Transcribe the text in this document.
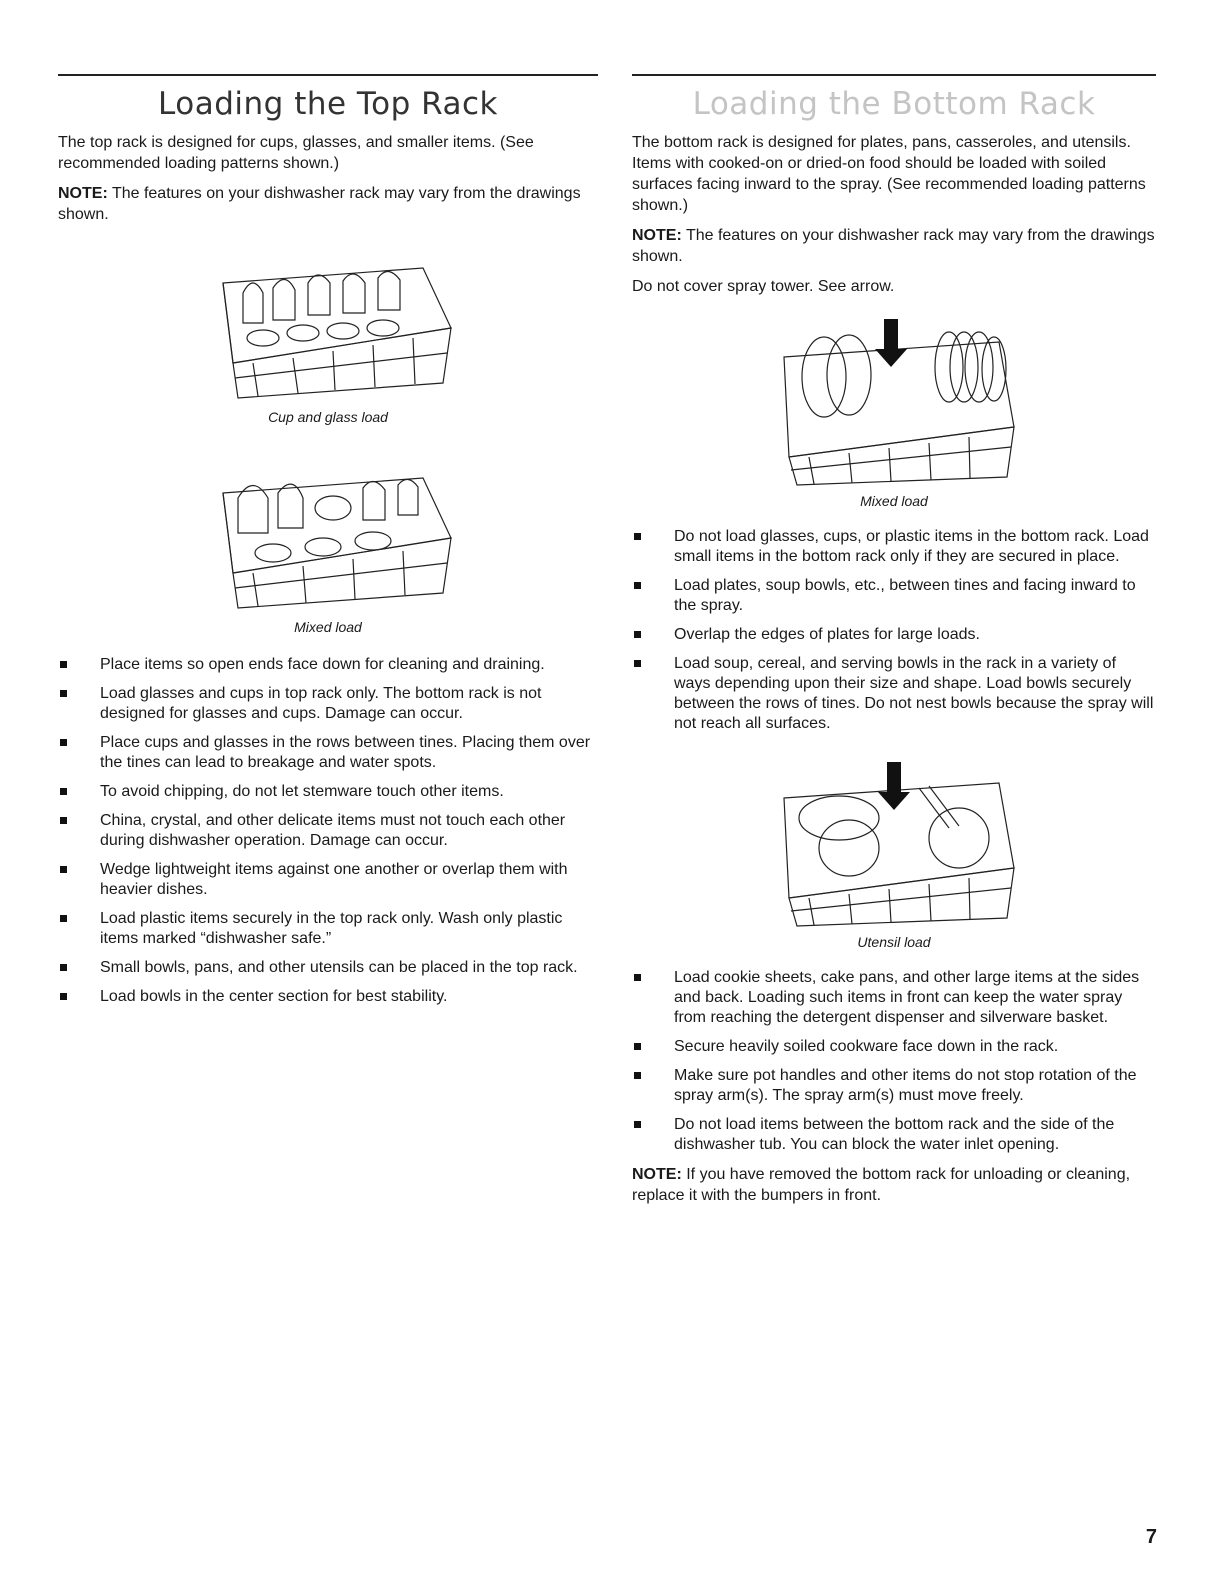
Loading the Top Rack

The top rack is designed for cups, glasses, and smaller items. (See recommended loading patterns shown.)

NOTE: The features on your dishwasher rack may vary from the drawings shown.

Cup and glass load

Mixed load

Place items so open ends face down for cleaning and draining.
Load glasses and cups in top rack only. The bottom rack is not designed for glasses and cups. Damage can occur.
Place cups and glasses in the rows between tines. Placing them over the tines can lead to breakage and water spots.
To avoid chipping, do not let stemware touch other items.
China, crystal, and other delicate items must not touch each other during dishwasher operation. Damage can occur.
Wedge lightweight items against one another or overlap them with heavier dishes.
Load plastic items securely in the top rack only. Wash only plastic items marked “dishwasher safe.”
Small bowls, pans, and other utensils can be placed in the top rack.
Load bowls in the center section for best stability.
Loading the Bottom Rack

The bottom rack is designed for plates, pans, casseroles, and utensils. Items with cooked-on or dried-on food should be loaded with soiled surfaces facing inward to the spray. (See recommended loading patterns shown.)

NOTE: The features on your dishwasher rack may vary from the drawings shown.

Do not cover spray tower. See arrow.

Mixed load

Do not load glasses, cups, or plastic items in the bottom rack. Load small items in the bottom rack only if they are secured in place.
Load plates, soup bowls, etc., between tines and facing inward to the spray.
Overlap the edges of plates for large loads.
Load soup, cereal, and serving bowls in the rack in a variety of ways depending upon their size and shape. Load bowls securely between the rows of tines. Do not nest bowls because the spray will not reach all surfaces.

Utensil load

Load cookie sheets, cake pans, and other large items at the sides and back. Loading such items in front can keep the water spray from reaching the detergent dispenser and silverware basket.
Secure heavily soiled cookware face down in the rack.
Make sure pot handles and other items do not stop rotation of the spray arm(s). The spray arm(s) must move freely.
Do not load items between the bottom rack and the side of the dishwasher tub. You can block the water inlet opening.

NOTE: If you have removed the bottom rack for unloading or cleaning, replace it with the bumpers in front.

7
